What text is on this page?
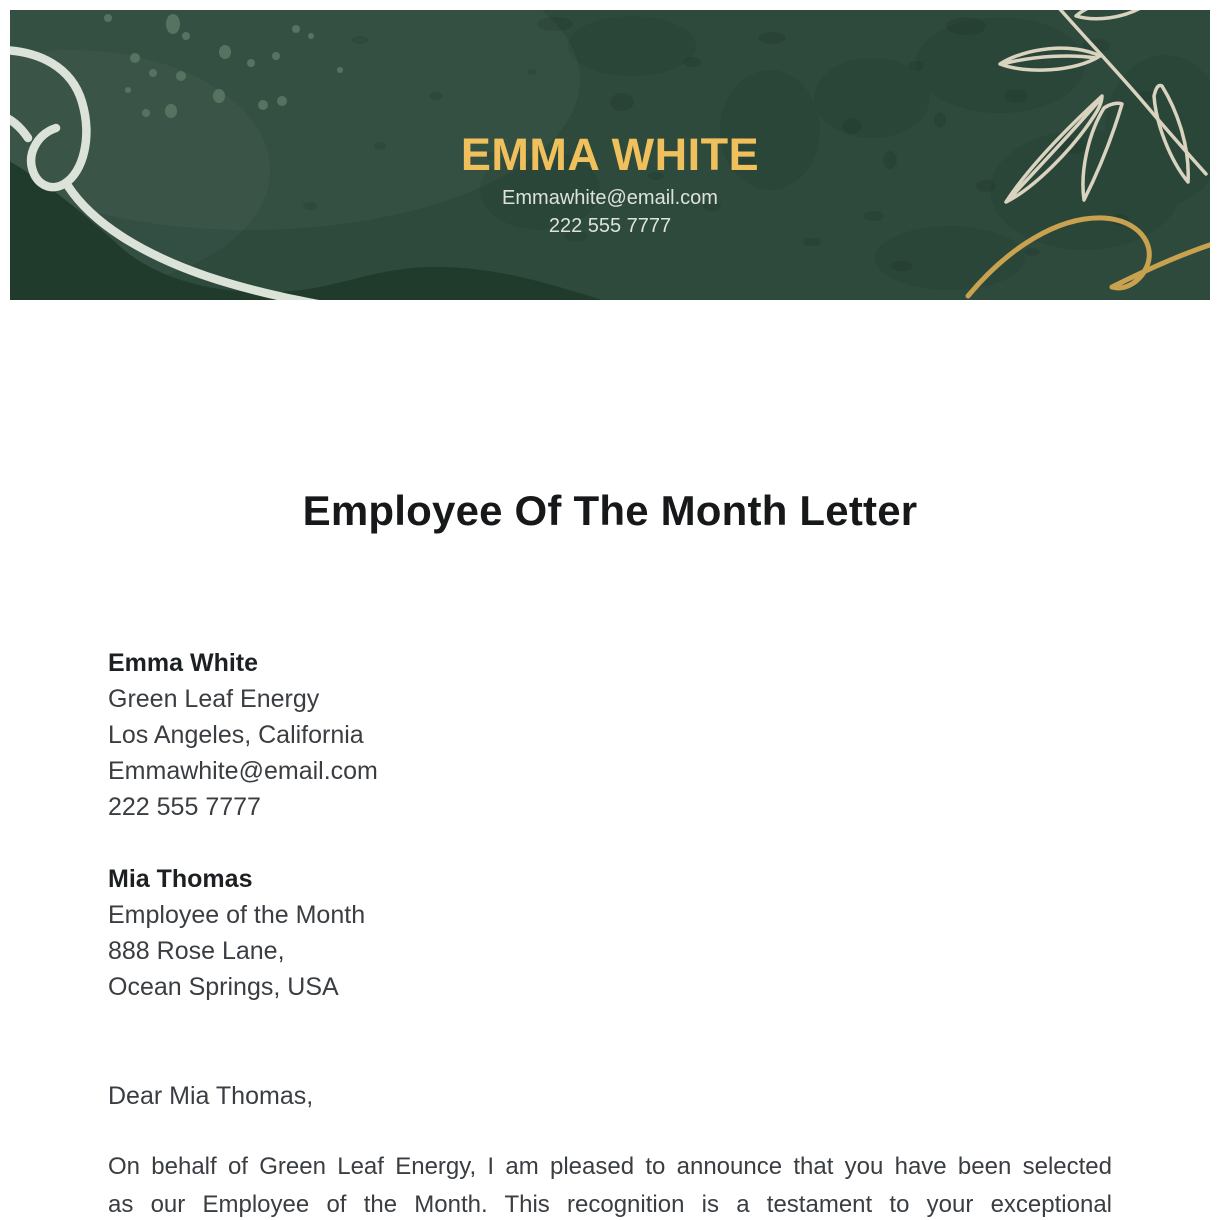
EMMA WHITE
Emmawhite@email.com
222 555 7777
Employee Of The Month Letter
Emma White
Green Leaf Energy
Los Angeles, California
Emmawhite@email.com
222 555 7777
Mia Thomas
Employee of the Month
888 Rose Lane,
Ocean Springs, USA
Dear Mia Thomas,
On behalf of Green Leaf Energy, I am pleased to announce that you have been selected
as our Employee of the Month. This recognition is a testament to your exceptional
